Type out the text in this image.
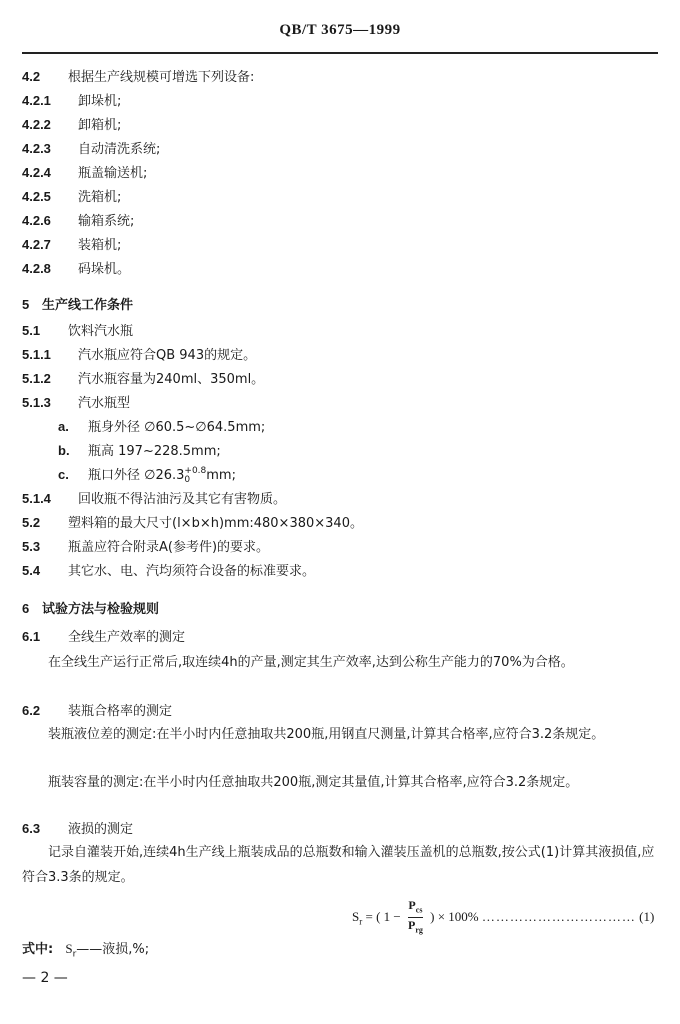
QB/T 3675—1999
4.2 根据生产线规模可增选下列设备:
4.2.1 卸垛机;
4.2.2 卸箱机;
4.2.3 自动清洗系统;
4.2.4 瓶盖输送机;
4.2.5 洗箱机;
4.2.6 输箱系统;
4.2.7 装箱机;
4.2.8 码垛机。
5 生产线工作条件
5.1 饮料汽水瓶
5.1.1 汽水瓶应符合QB 943的规定。
5.1.2 汽水瓶容量为240ml、350ml。
5.1.3 汽水瓶型
a. 瓶身外径 ∅60.5~∅64.5mm;
b. 瓶高 197~228.5mm;
c. 瓶口外径 ∅26.3 +0.8
0	mm;
5.1.4 回收瓶不得沾油污及其它有害物质。
5.2 塑料箱的最大尺寸(l×b×h)mm:480×380×340。
5.3 瓶盖应符合附录A(参考件)的要求。
5.4 其它水、电、汽均须符合设备的标准要求。
6 试验方法与检验规则
6.1 全线生产效率的测定
在全线生产运行正常后,取连续4h的产量,测定其生产效率,达到公称生产能力的70%为合格。
6.2 装瓶合格率的测定
装瓶液位差的测定:在半小时内任意抽取共200瓶,用钢直尺测量,计算其合格率,应符合3.2条规定。
瓶装容量的测定:在半小时内任意抽取共200瓶,测定其量值,计算其合格率,应符合3.2条规定。
6.3 液损的测定
记录自灌装开始,连续4h生产线上瓶装成品的总瓶数和输入灌装压盖机的总瓶数,按公式(1)计算其液损值,应符合3.3条的规定。
$S_r$ = ( $1 - \frac{P_{cs}}{P_{rg}}$ ) × 100% …………………………… (1)
式中: $S_r——$液损,%;
— 2 —
